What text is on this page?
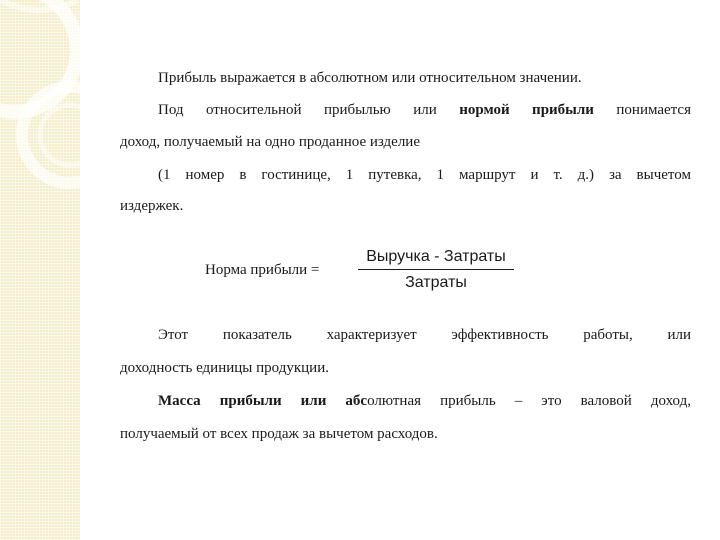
Прибыль выражается в абсолютном или относительном значении.
Под относительной прибылью или нормой прибыли понимается
доход, получаемый на одно проданное изделие
(1 номер в гостинице, 1 путевка, 1 маршрут и т. д.) за вычетом
издержек.
Норма прибыли =
Выручка - Затраты
Затраты
Этот показатель характеризует эффективность работы, или
доходность единицы продукции.
Масса прибыли или абсолютная прибыль – это валовой доход,
получаемый от всех продаж за вычетом расходов.
